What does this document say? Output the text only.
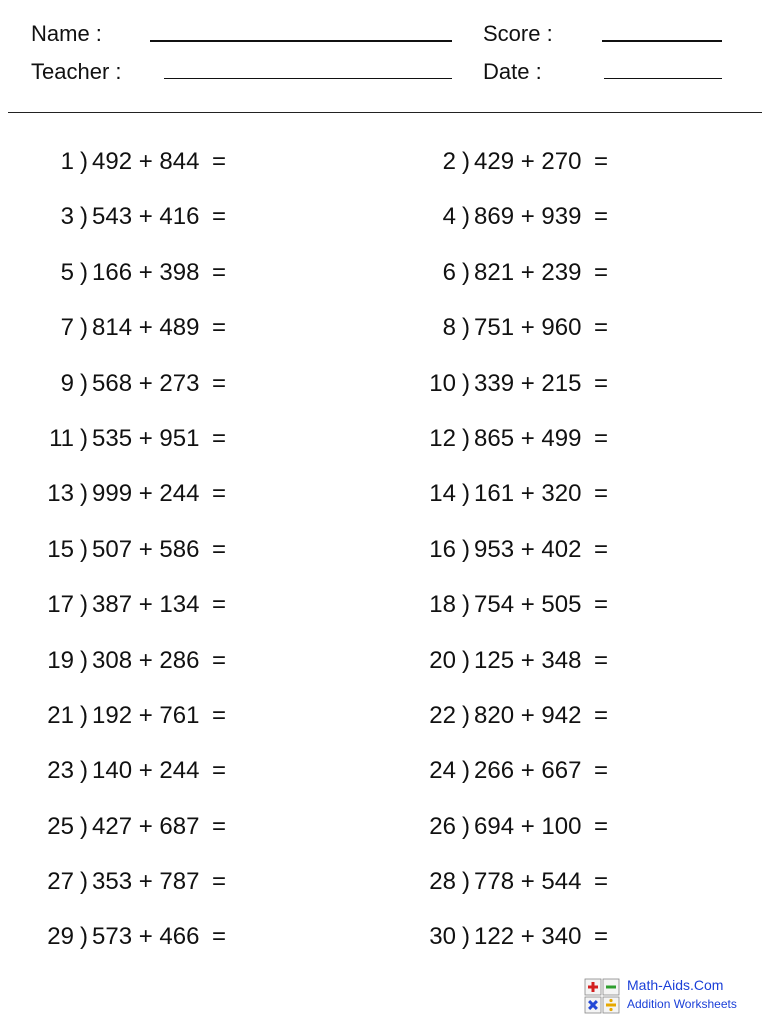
Name :
Teacher :
Score :
Date :
1 ) 492 + 844 =	2 ) 429 + 270 =
3 ) 543 + 416 =	4 ) 869 + 939 =
5 ) 166 + 398 =	6 ) 821 + 239 =
7 ) 814 + 489 =	8 ) 751 + 960 =
9 ) 568 + 273 =	10 ) 339 + 215 =
11 ) 535 + 951 =	12 ) 865 + 499 =
13 ) 999 + 244 =	14 ) 161 + 320 =
15 ) 507 + 586 =	16 ) 953 + 402 =
17 ) 387 + 134 =	18 ) 754 + 505 =
19 ) 308 + 286 =	20 ) 125 + 348 =
21 ) 192 + 761 =	22 ) 820 + 942 =
23 ) 140 + 244 =	24 ) 266 + 667 =
25 ) 427 + 687 =	26 ) 694 + 100 =
27 ) 353 + 787 =	28 ) 778 + 544 =
29 ) 573 + 466 =	30 ) 122 + 340 =
Math-Aids.Com
Addition Worksheets
